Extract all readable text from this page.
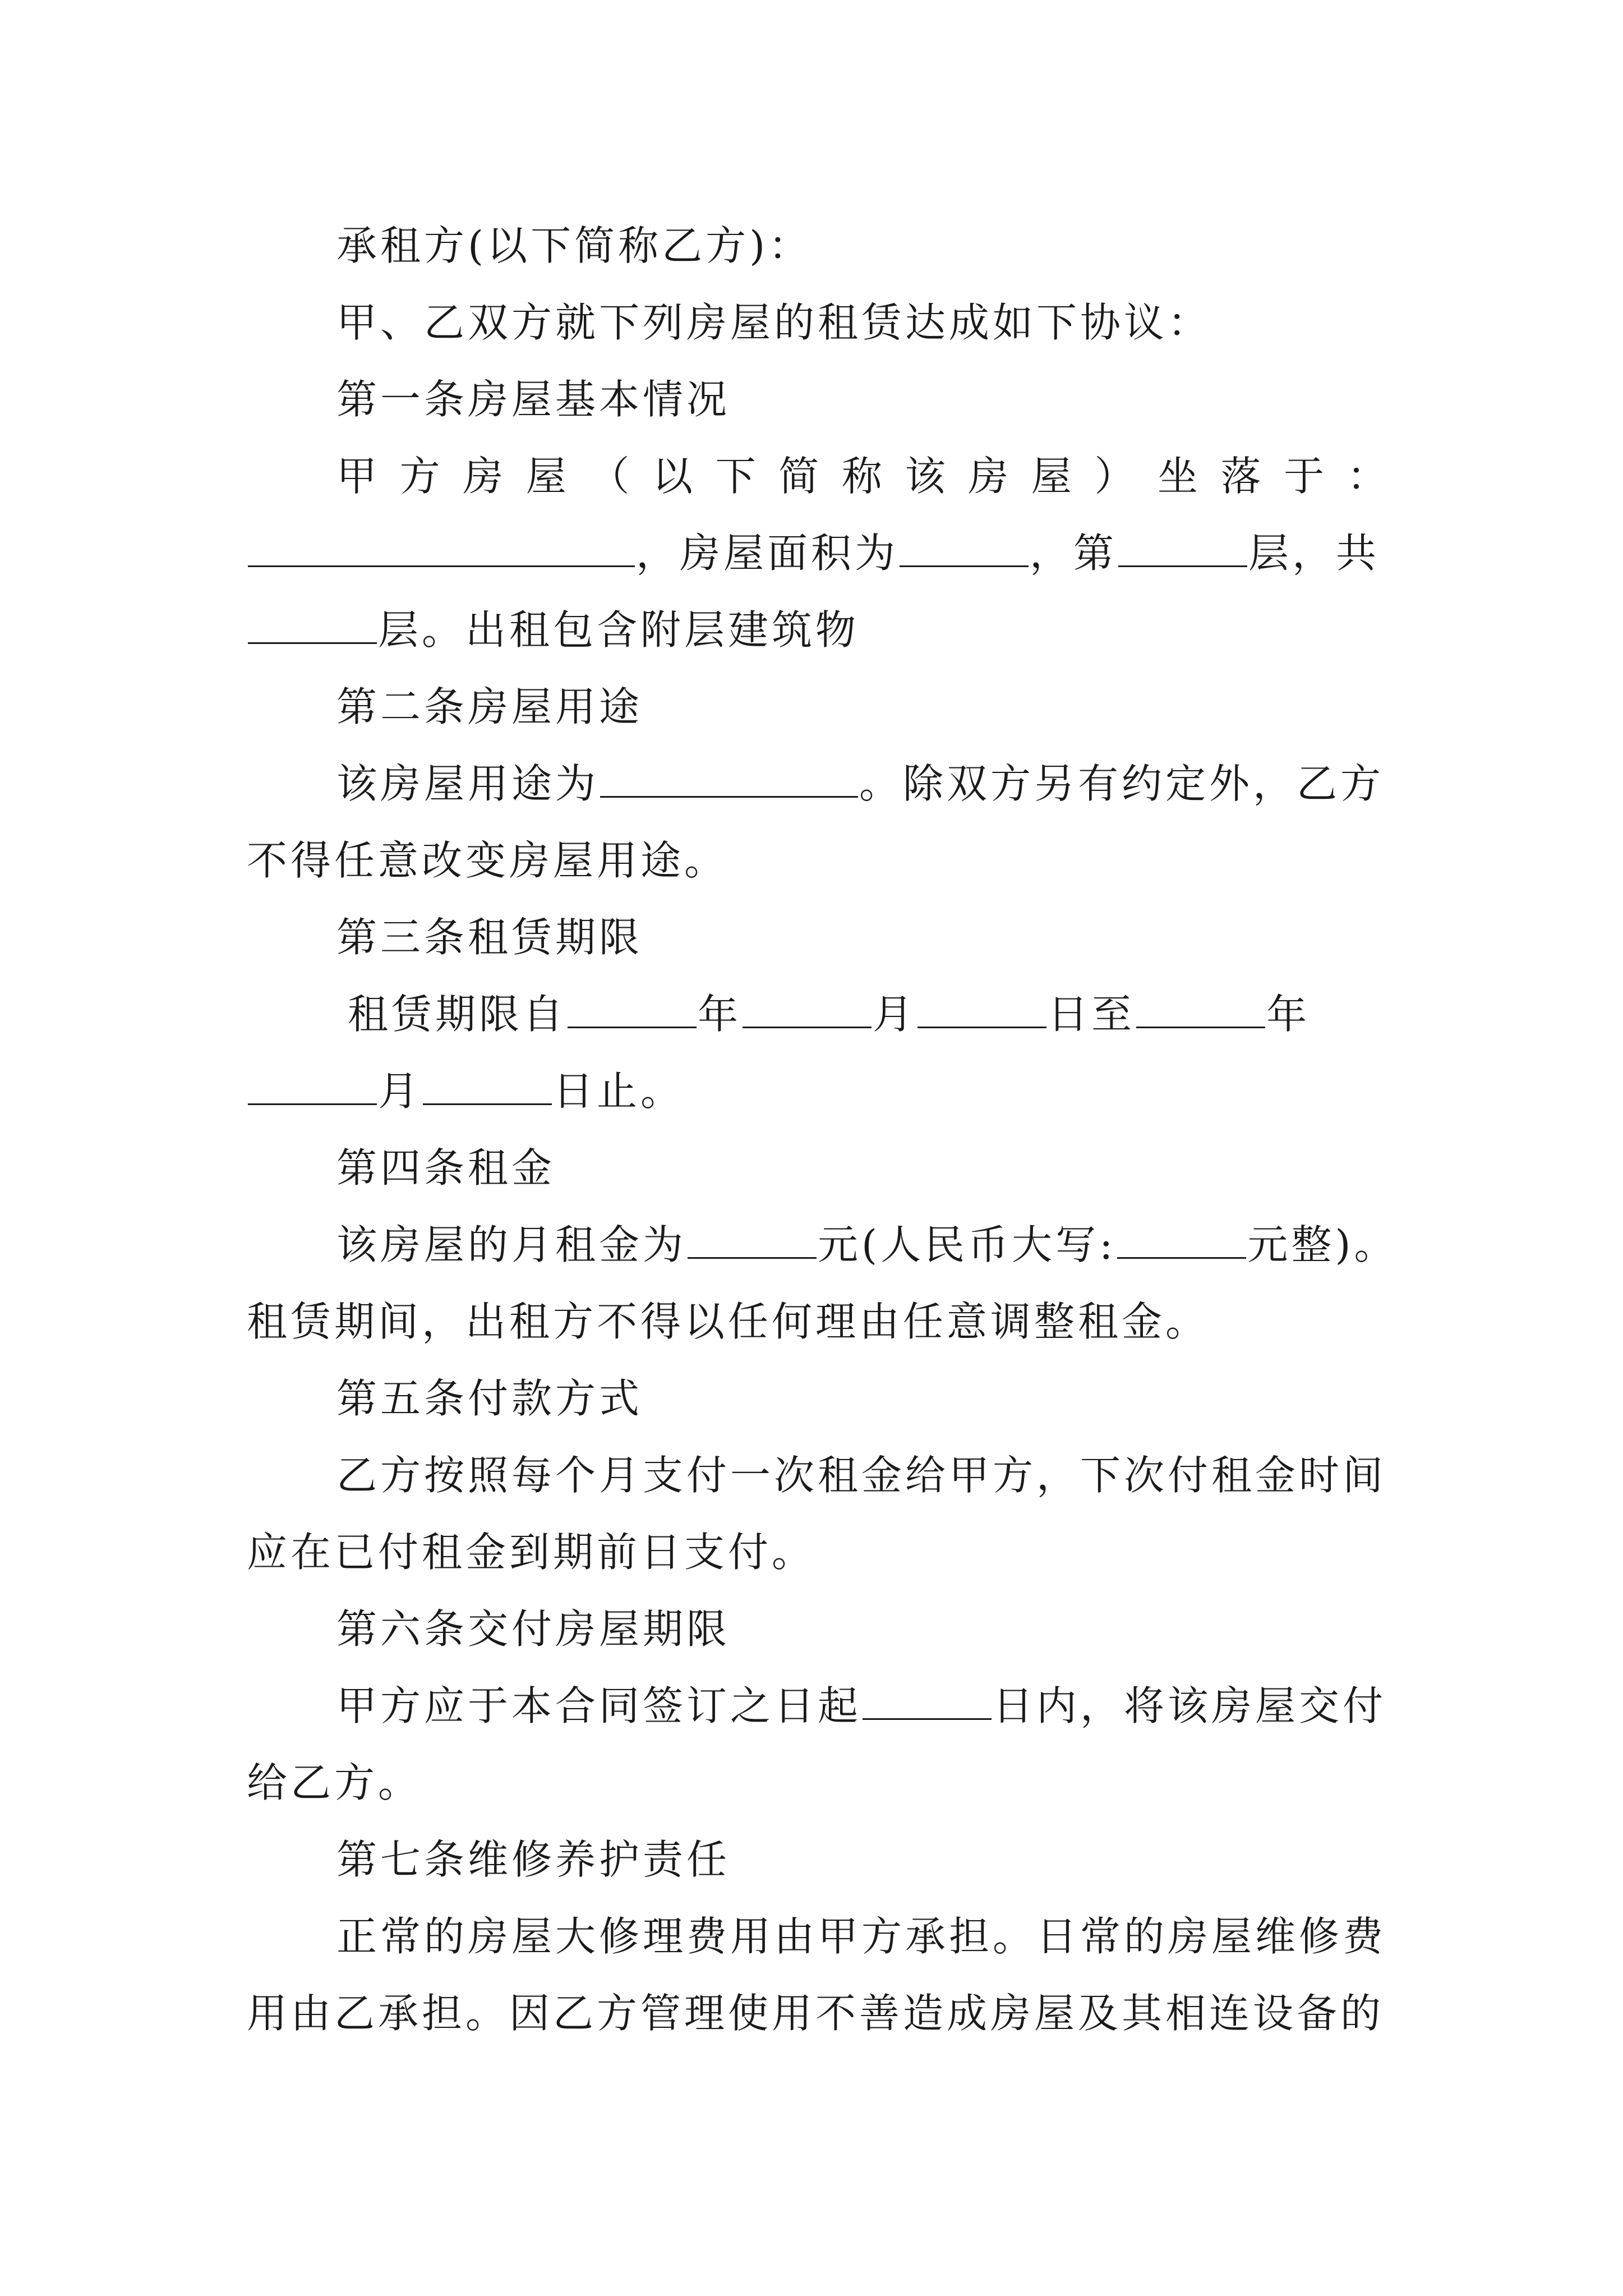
承租方(以下简称乙方)：
甲、乙双方就下列房屋的租赁达成如下协议：
第一条房屋基本情况
甲 方 房 屋 （ 以 下 简 称 该 房 屋 ） 坐 落 于 ：
，房屋面积为	，第	层，共
层。出租包含附层建筑物
第二条房屋用途
该房屋用途为	。除双方另有约定外，乙方
不得任意改变房屋用途。
第三条租赁期限
租赁期限自	年	月	日至	年
月	日止。
第四条租金
该房屋的月租金为	元(人民币大写:	元整)。
租赁期间，出租方不得以任何理由任意调整租金。
第五条付款方式
乙方按照每个月支付一次租金给甲方，下次付租金时间
应在已付租金到期前日支付。
第六条交付房屋期限
甲方应于本合同签订之日起	日内，将该房屋交付
给乙方。
第七条维修养护责任
正常的房屋大修理费用由甲方承担。日常的房屋维修费
用由乙承担。因乙方管理使用不善造成房屋及其相连设备的
